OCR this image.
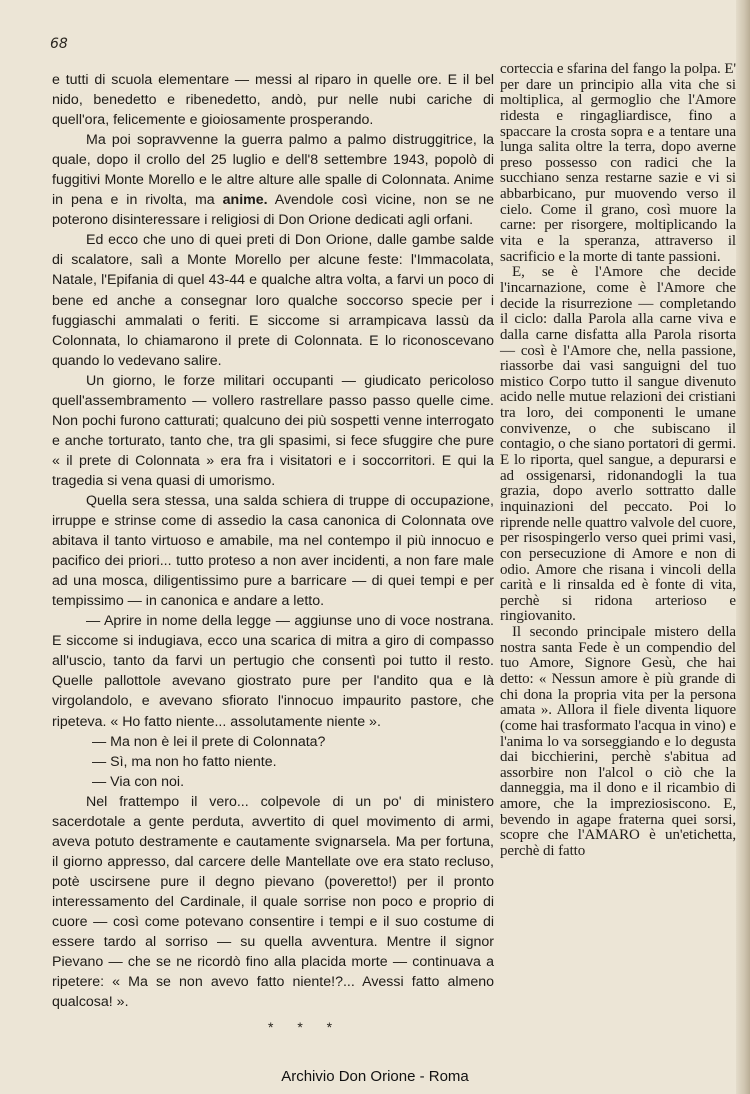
68

e tutti di scuola elementare — messi al riparo in quelle ore. E il bel nido, benedetto e ribenedetto, andò, pur nelle nubi cariche di quell'ora, felicemente e gioiosamente prosperando.

Ma poi sopravvenne la guerra palmo a palmo distruggitrice, la quale, dopo il crollo del 25 luglio e dell'8 settembre 1943, popolò di fuggitivi Monte Morello e le altre alture alle spalle di Colonnata. Anime in pena e in rivolta, ma anime. Avendole così vicine, non se ne poterono disinteressare i religiosi di Don Orione dedicati agli orfani.

Ed ecco che uno di quei preti di Don Orione, dalle gambe salde di scalatore, salì a Monte Morello per alcune feste: l'Immacolata, Natale, l'Epifania di quel 43-44 e qualche altra volta, a farvi un poco di bene ed anche a consegnar loro qualche soccorso specie per i fuggiaschi ammalati o feriti. E siccome si arrampicava lassù da Colonnata, lo chiamarono il prete di Colonnata. E lo riconoscevano quando lo vedevano salire.

Un giorno, le forze militari occupanti — giudicato pericoloso quell'assembramento — vollero rastrellare passo passo quelle cime. Non pochi furono catturati; qualcuno dei più sospetti venne interrogato e anche torturato, tanto che, tra gli spasimi, si fece sfuggire che pure « il prete di Colonnata » era fra i visitatori e i soccorritori. E qui la tragedia si vena quasi di umorismo.

Quella sera stessa, una salda schiera di truppe di occupazione, irruppe e strinse come di assedio la casa canonica di Colonnata ove abitava il tanto virtuoso e amabile, ma nel contempo il più innocuo e pacifico dei priori... tutto proteso a non aver incidenti, a non fare male ad una mosca, diligentissimo pure a barricare — di quei tempi e per tempissimo — in canonica e andare a letto.

— Aprire in nome della legge — aggiunse uno di voce nostrana. E siccome si indugiava, ecco una scarica di mitra a giro di compasso all'uscio, tanto da farvi un pertugio che consentì poi tutto il resto. Quelle pallottole avevano giostrato pure per l'andito qua e là virgolandolo, e avevano sfiorato l'innocuo impaurito pastore, che ripeteva. « Ho fatto niente... assolutamente niente ».

— Ma non è lei il prete di Colonnata?

— Sì, ma non ho fatto niente.

— Via con noi.

Nel frattempo il vero... colpevole di un po' di ministero sacerdotale a gente perduta, avvertito di quel movimento di armi, aveva potuto destramente e cautamente svignarsela. Ma per fortuna, il giorno appresso, dal carcere delle Mantellate ove era stato recluso, potè uscirsene pure il degno pievano (poveretto!) per il pronto interessamento del Cardinale, il quale sorrise non poco e proprio di cuore — così come potevano consentire i tempi e il suo costume di essere tardo al sorriso — su quella avventura. Mentre il signor Pievano — che se ne ricordò fino alla placida morte — continuava a ripetere: « Ma se non avevo fatto niente!?... Avessi fatto almeno qualcosa! ».

* * *

corteccia e sfarina del fango la polpa. E' per dare un principio alla vita che si moltiplica, al germoglio che l'Amore ridesta e ringagliardisce, fino a spaccare la crosta sopra e a tentare una lunga salita oltre la terra, dopo averne preso possesso con radici che la succhiano senza restarne sazie e vi si abbarbicano, pur muovendo verso il cielo. Come il grano, così muore la carne: per risorgere, moltiplicando la vita e la speranza, attraverso il sacrificio e la morte di tante passioni.

E, se è l'Amore che decide l'incarnazione, come è l'Amore che decide la risurrezione — completando il ciclo: dalla Parola alla carne viva e dalla carne disfatta alla Parola risorta — così è l'Amore che, nella passione, riassorbe dai vasi sanguigni del tuo mistico Corpo tutto il sangue divenuto acido nelle mutue relazioni dei cristiani tra loro, dei componenti le umane convivenze, o che subiscano il contagio, o che siano portatori di germi. E lo riporta, quel sangue, a depurarsi e ad ossigenarsi, ridonandogli la tua grazia, dopo averlo sottratto dalle inquinazioni del peccato. Poi lo riprende nelle quattro valvole del cuore, per risospingerlo verso quei primi vasi, con persecuzione di Amore e non di odio. Amore che risana i vincoli della carità e li rinsalda ed è fonte di vita, perchè si ridona arterioso e ringiovanito.

Il secondo principale mistero della nostra santa Fede è un compendio del tuo Amore, Signore Gesù, che hai detto: « Nessun amore è più grande di chi dona la propria vita per la persona amata ». Allora il fiele diventa liquore (come hai trasformato l'acqua in vino) e l'anima lo va sorseggiando e lo degusta dai bicchierini, perchè s'abitua ad assorbire non l'alcol o ciò che la danneggia, ma il dono e il ricambio di amore, che la impreziosiscono. E, bevendo in agape fraterna quei sorsi, scopre che l'AMARO è un'etichetta, perchè di fatto

Archivio Don Orione - Roma
